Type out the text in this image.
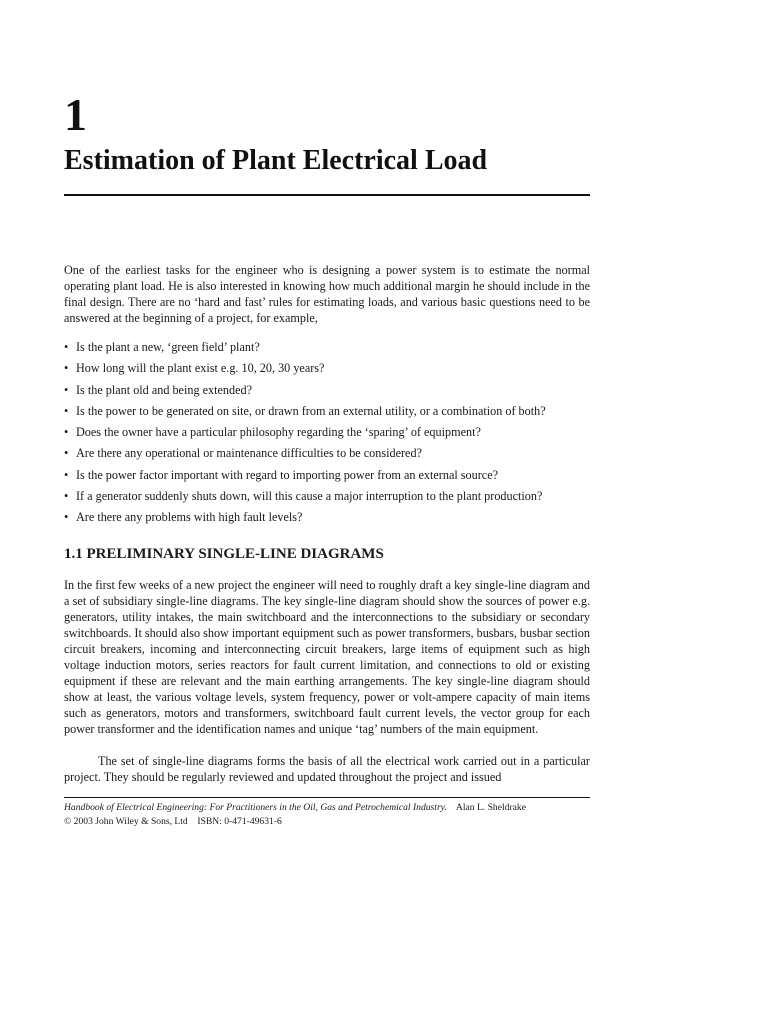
1
Estimation of Plant Electrical Load

One of the earliest tasks for the engineer who is designing a power system is to estimate the normal operating plant load. He is also interested in knowing how much additional margin he should include in the final design. There are no ‘hard and fast’ rules for estimating loads, and various basic questions need to be answered at the beginning of a project, for example,

• Is the plant a new, ‘green field’ plant?
• How long will the plant exist e.g. 10, 20, 30 years?
• Is the plant old and being extended?
• Is the power to be generated on site, or drawn from an external utility, or a combination of both?
• Does the owner have a particular philosophy regarding the ‘sparing’ of equipment?
• Are there any operational or maintenance difficulties to be considered?
• Is the power factor important with regard to importing power from an external source?
• If a generator suddenly shuts down, will this cause a major interruption to the plant production?
• Are there any problems with high fault levels?
1.1 PRELIMINARY SINGLE-LINE DIAGRAMS

In the first few weeks of a new project the engineer will need to roughly draft a key single-line diagram and a set of subsidiary single-line diagrams. The key single-line diagram should show the sources of power e.g. generators, utility intakes, the main switchboard and the interconnections to the subsidiary or secondary switchboards. It should also show important equipment such as power transformers, busbars, busbar section circuit breakers, incoming and interconnecting circuit breakers, large items of equipment such as high voltage induction motors, series reactors for fault current limitation, and connections to old or existing equipment if these are relevant and the main earthing arrangements. The key single-line diagram should show at least, the various voltage levels, system frequency, power or volt-ampere capacity of main items such as generators, motors and transformers, switchboard fault current levels, the vector group for each power transformer and the identification names and unique ‘tag’ numbers of the main equipment.

The set of single-line diagrams forms the basis of all the electrical work carried out in a particular project. They should be regularly reviewed and updated throughout the project and issued

Handbook of Electrical Engineering: For Practitioners in the Oil, Gas and Petrochemical Industry. Alan L. Sheldrake
© 2003 John Wiley & Sons, Ltd ISBN: 0-471-49631-6
